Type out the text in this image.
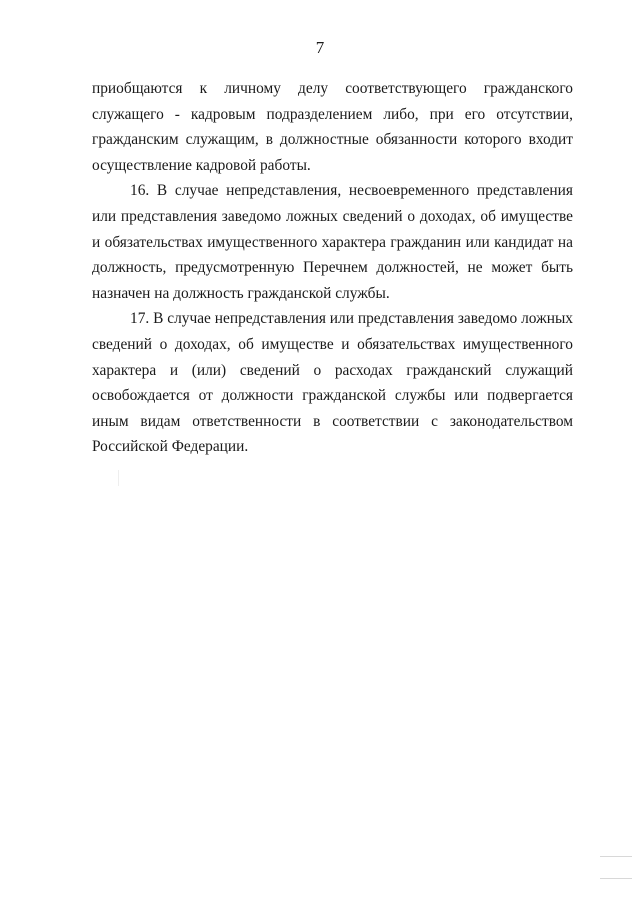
7

приобщаются к личному делу соответствующего гражданского служащего - кадровым подразделением либо, при его отсутствии, гражданским служащим, в должностные обязанности которого входит осуществление кадровой работы.

16. В случае непредставления, несвоевременного представления или представления заведомо ложных сведений о доходах, об имуществе и обязательствах имущественного характера гражданин или кандидат на должность, предусмотренную Перечнем должностей, не может быть назначен на должность гражданской службы.

17. В случае непредставления или представления заведомо ложных сведений о доходах, об имуществе и обязательствах имущественного характера и (или) сведений о расходах гражданский служащий освобождается от должности гражданской службы или подвергается иным видам ответственности в соответствии с законодательством Российской Федерации.
